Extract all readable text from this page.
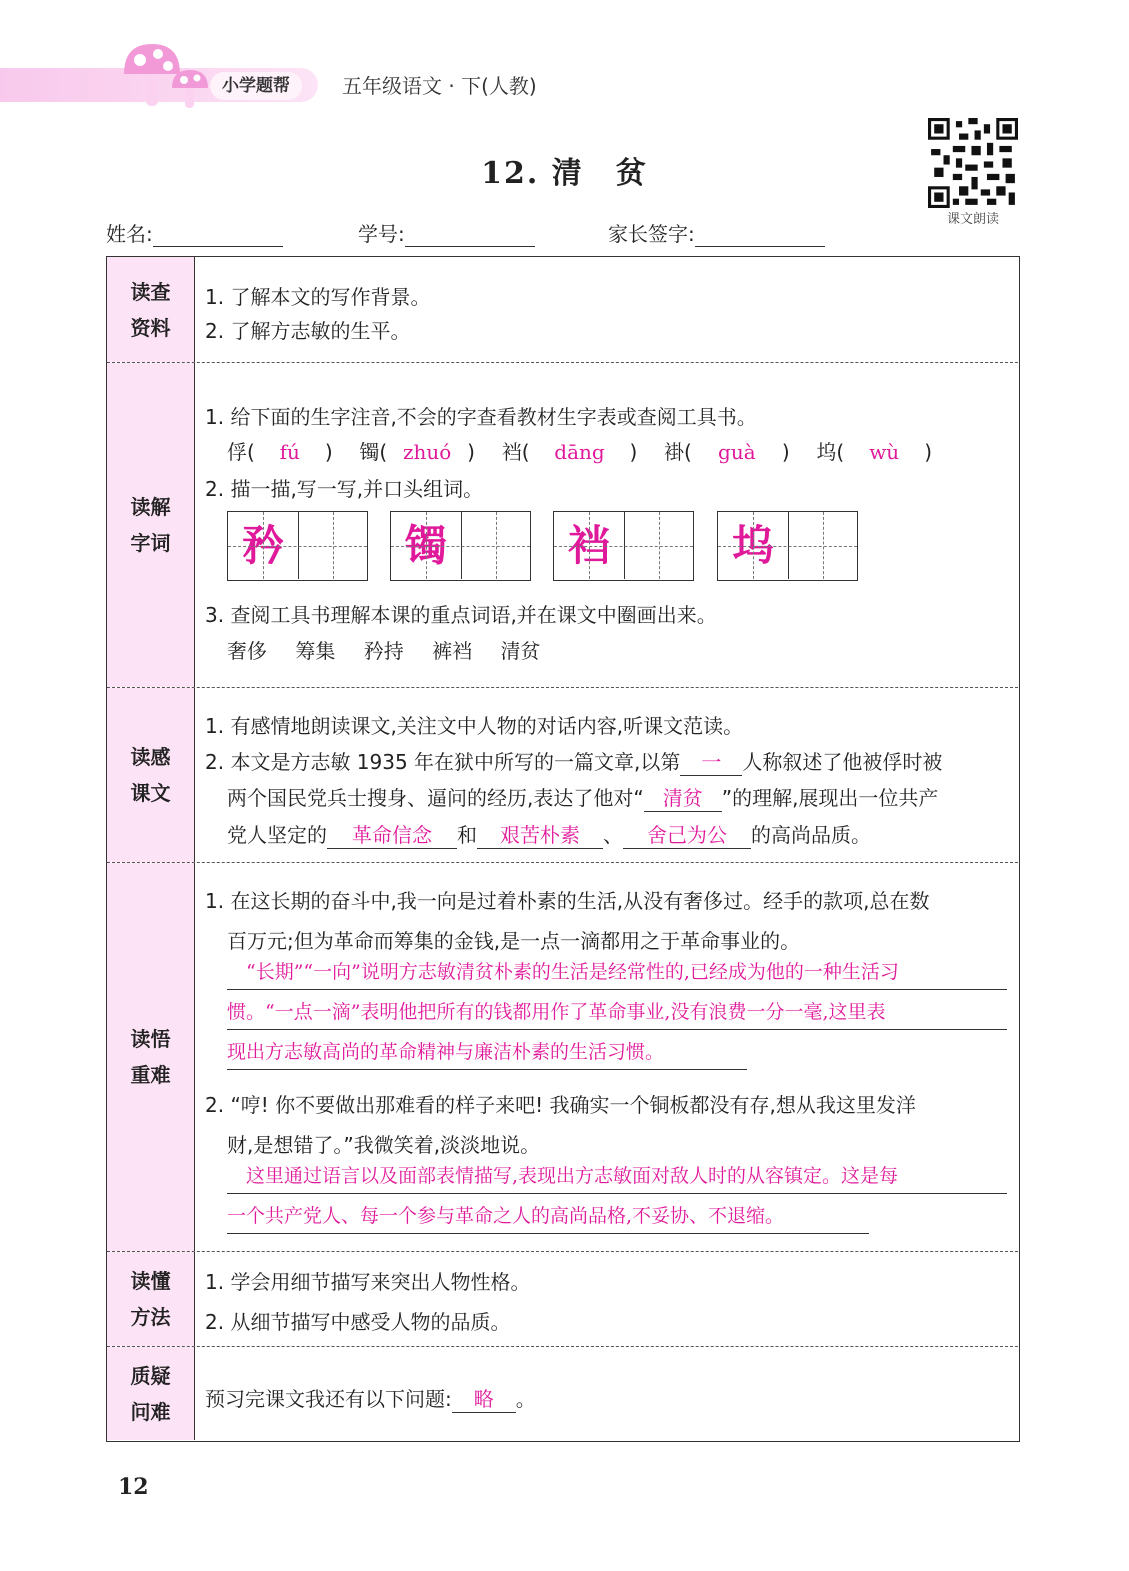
小学题帮	五年级语文 · 下(人教)
12. 清　贫
课文朗读
姓名:	学号:	家长签字:
读查
资料
1. 了解本文的写作背景。
2. 了解方志敏的生平。
读解
字词
1. 给下面的生字注音,不会的字查看教材生字表或查阅工具书。
俘( fú )  镯( zhuó )  裆( dāng )  褂( guà )  坞( wù )
2. 描一描,写一写,并口头组词。
矜	镯	裆	坞
3. 查阅工具书理解本课的重点词语,并在课文中圈画出来。
奢侈 筹集 矜持 裤裆 清贫
读感
课文
1. 有感情地朗读课文,关注文中人物的对话内容,听课文范读。
2. 本文是方志敏 1935 年在狱中所写的一篇文章,以第 一 人称叙述了他被俘时被
两个国民党兵士搜身、逼问的经历,表达了他对“ 清贫 ”的理解,展现出一位共产
党人坚定的 革命信念 和 艰苦朴素 、 舍己为公 的高尚品质。
读悟
重难
1. 在这长期的奋斗中,我一向是过着朴素的生活,从没有奢侈过。经手的款项,总在数
百万元;但为革命而筹集的金钱,是一点一滴都用之于革命事业的。
　“长期”“一向”说明方志敏清贫朴素的生活是经常性的,已经成为他的一种生活习
惯。“一点一滴”表明他把所有的钱都用作了革命事业,没有浪费一分一毫,这里表
现出方志敏高尚的革命精神与廉洁朴素的生活习惯。
2. “哼! 你不要做出那难看的样子来吧! 我确实一个铜板都没有存,想从我这里发洋
财,是想错了。”我微笑着,淡淡地说。
　这里通过语言以及面部表情描写,表现出方志敏面对敌人时的从容镇定。这是每
一个共产党人、每一个参与革命之人的高尚品格,不妥协、不退缩。
读懂
方法
1. 学会用细节描写来突出人物性格。
2. 从细节描写中感受人物的品质。
质疑
问难
预习完课文我还有以下问题: 略 。
12
